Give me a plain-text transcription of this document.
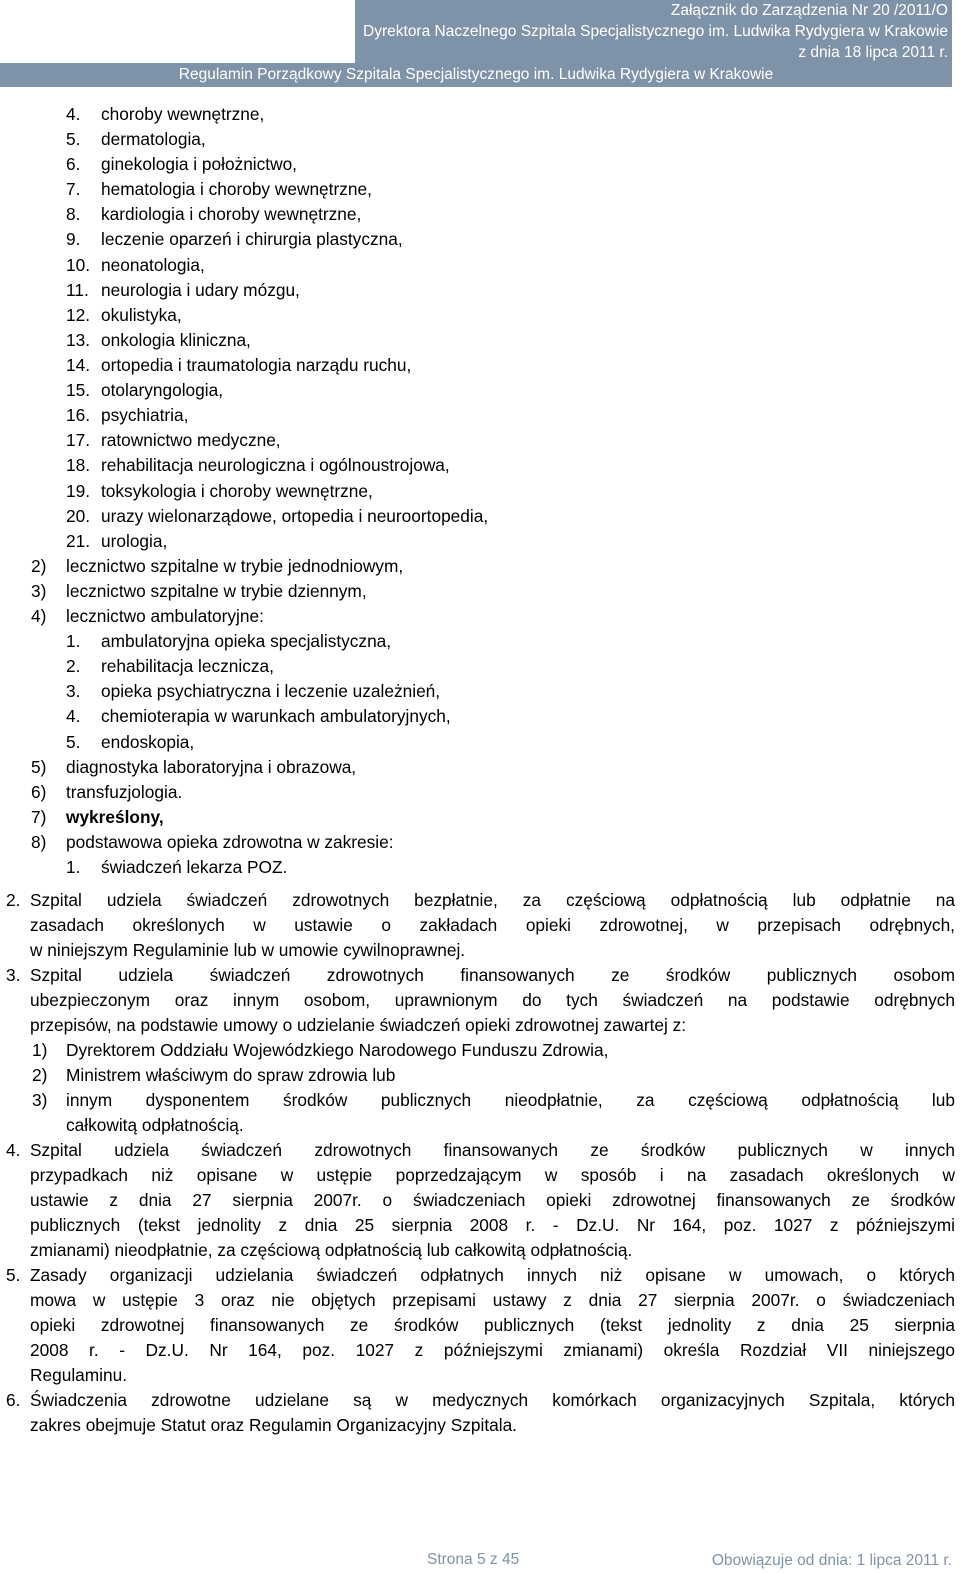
Załącznik do Zarządzenia Nr 20 /2011/O
Dyrektora Naczelnego Szpitala Specjalistycznego im. Ludwika Rydygiera w Krakowie
z dnia 18 lipca 2011 r.
Regulamin Porządkowy Szpitala Specjalistycznego im. Ludwika Rydygiera w Krakowie
4. choroby wewnętrzne,
5. dermatologia,
6. ginekologia i położnictwo,
7. hematologia i choroby wewnętrzne,
8. kardiologia i choroby wewnętrzne,
9. leczenie oparzeń i chirurgia plastyczna,
10. neonatologia,
11. neurologia i udary mózgu,
12. okulistyka,
13. onkologia kliniczna,
14. ortopedia i traumatologia narządu ruchu,
15. otolaryngologia,
16. psychiatria,
17. ratownictwo medyczne,
18. rehabilitacja neurologiczna i ogólnoustrojowa,
19. toksykologia i choroby wewnętrzne,
20. urazy wielonarządowe, ortopedia i neuroortopedia,
21. urologia,
2) lecznictwo szpitalne w trybie jednodniowym,
3) lecznictwo szpitalne w trybie dziennym,
4) lecznictwo ambulatoryjne:
1. ambulatoryjna opieka specjalistyczna,
2. rehabilitacja lecznicza,
3. opieka psychiatryczna i leczenie uzależnień,
4. chemioterapia w warunkach ambulatoryjnych,
5. endoskopia,
5) diagnostyka laboratoryjna i obrazowa,
6) transfuzjologia.
7) wykreślony,
8) podstawowa opieka zdrowotna w zakresie:
1. świadczeń lekarza POZ.
2. Szpital udziela świadczeń zdrowotnych bezpłatnie, za częściową odpłatnością lub odpłatnie na
zasadach określonych w ustawie o zakładach opieki zdrowotnej, w przepisach odrębnych,
w niniejszym Regulaminie lub w umowie cywilnoprawnej.
3. Szpital udziela świadczeń zdrowotnych finansowanych ze środków publicznych osobom
ubezpieczonym oraz innym osobom, uprawnionym do tych świadczeń na podstawie odrębnych
przepisów, na podstawie umowy o udzielanie świadczeń opieki zdrowotnej zawartej z:
1) Dyrektorem Oddziału Wojewódzkiego Narodowego Funduszu Zdrowia,
2) Ministrem właściwym do spraw zdrowia lub
3) innym dysponentem środków publicznych nieodpłatnie, za częściową odpłatnością lub
całkowitą odpłatnością.
4. Szpital udziela świadczeń zdrowotnych finansowanych ze środków publicznych w innych
przypadkach niż opisane w ustępie poprzedzającym w sposób i na zasadach określonych w
ustawie z dnia 27 sierpnia 2007r. o świadczeniach opieki zdrowotnej finansowanych ze środków
publicznych (tekst jednolity z dnia 25 sierpnia 2008 r. - Dz.U. Nr 164, poz. 1027 z późniejszymi
zmianami) nieodpłatnie, za częściową odpłatnością lub całkowitą odpłatnością.
5. Zasady organizacji udzielania świadczeń odpłatnych innych niż opisane w umowach, o których
mowa w ustępie 3 oraz nie objętych przepisami ustawy z dnia 27 sierpnia 2007r. o świadczeniach
opieki zdrowotnej finansowanych ze środków publicznych (tekst jednolity z dnia 25 sierpnia
2008 r. - Dz.U. Nr 164, poz. 1027 z późniejszymi zmianami) określa Rozdział VII niniejszego
Regulaminu.
6. Świadczenia zdrowotne udzielane są w medycznych komórkach organizacyjnych Szpitala, których
zakres obejmuje Statut oraz Regulamin Organizacyjny Szpitala.
Strona 5 z 45	Obowiązuje od dnia: 1 lipca 2011 r.
